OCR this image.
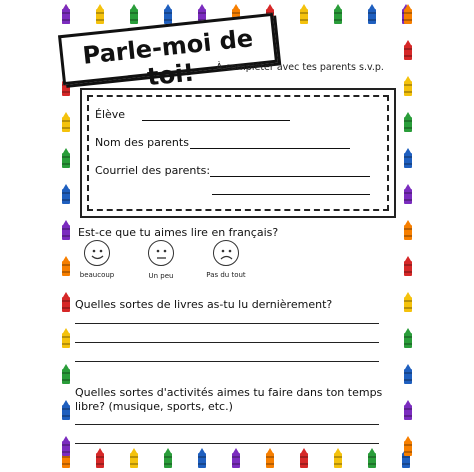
Parle-moi de toi!	À compléter avec tes parents s.v.p.
Élève
Nom des parents
Courriel des parents:
Est-ce que tu aimes lire en français?
beaucoup	Un peu	Pas du tout
Quelles sortes de livres as-tu lu dernièrement?
Quelles sortes d'activités aimes tu faire dans ton temps
libre? (musique, sports, etc.)
